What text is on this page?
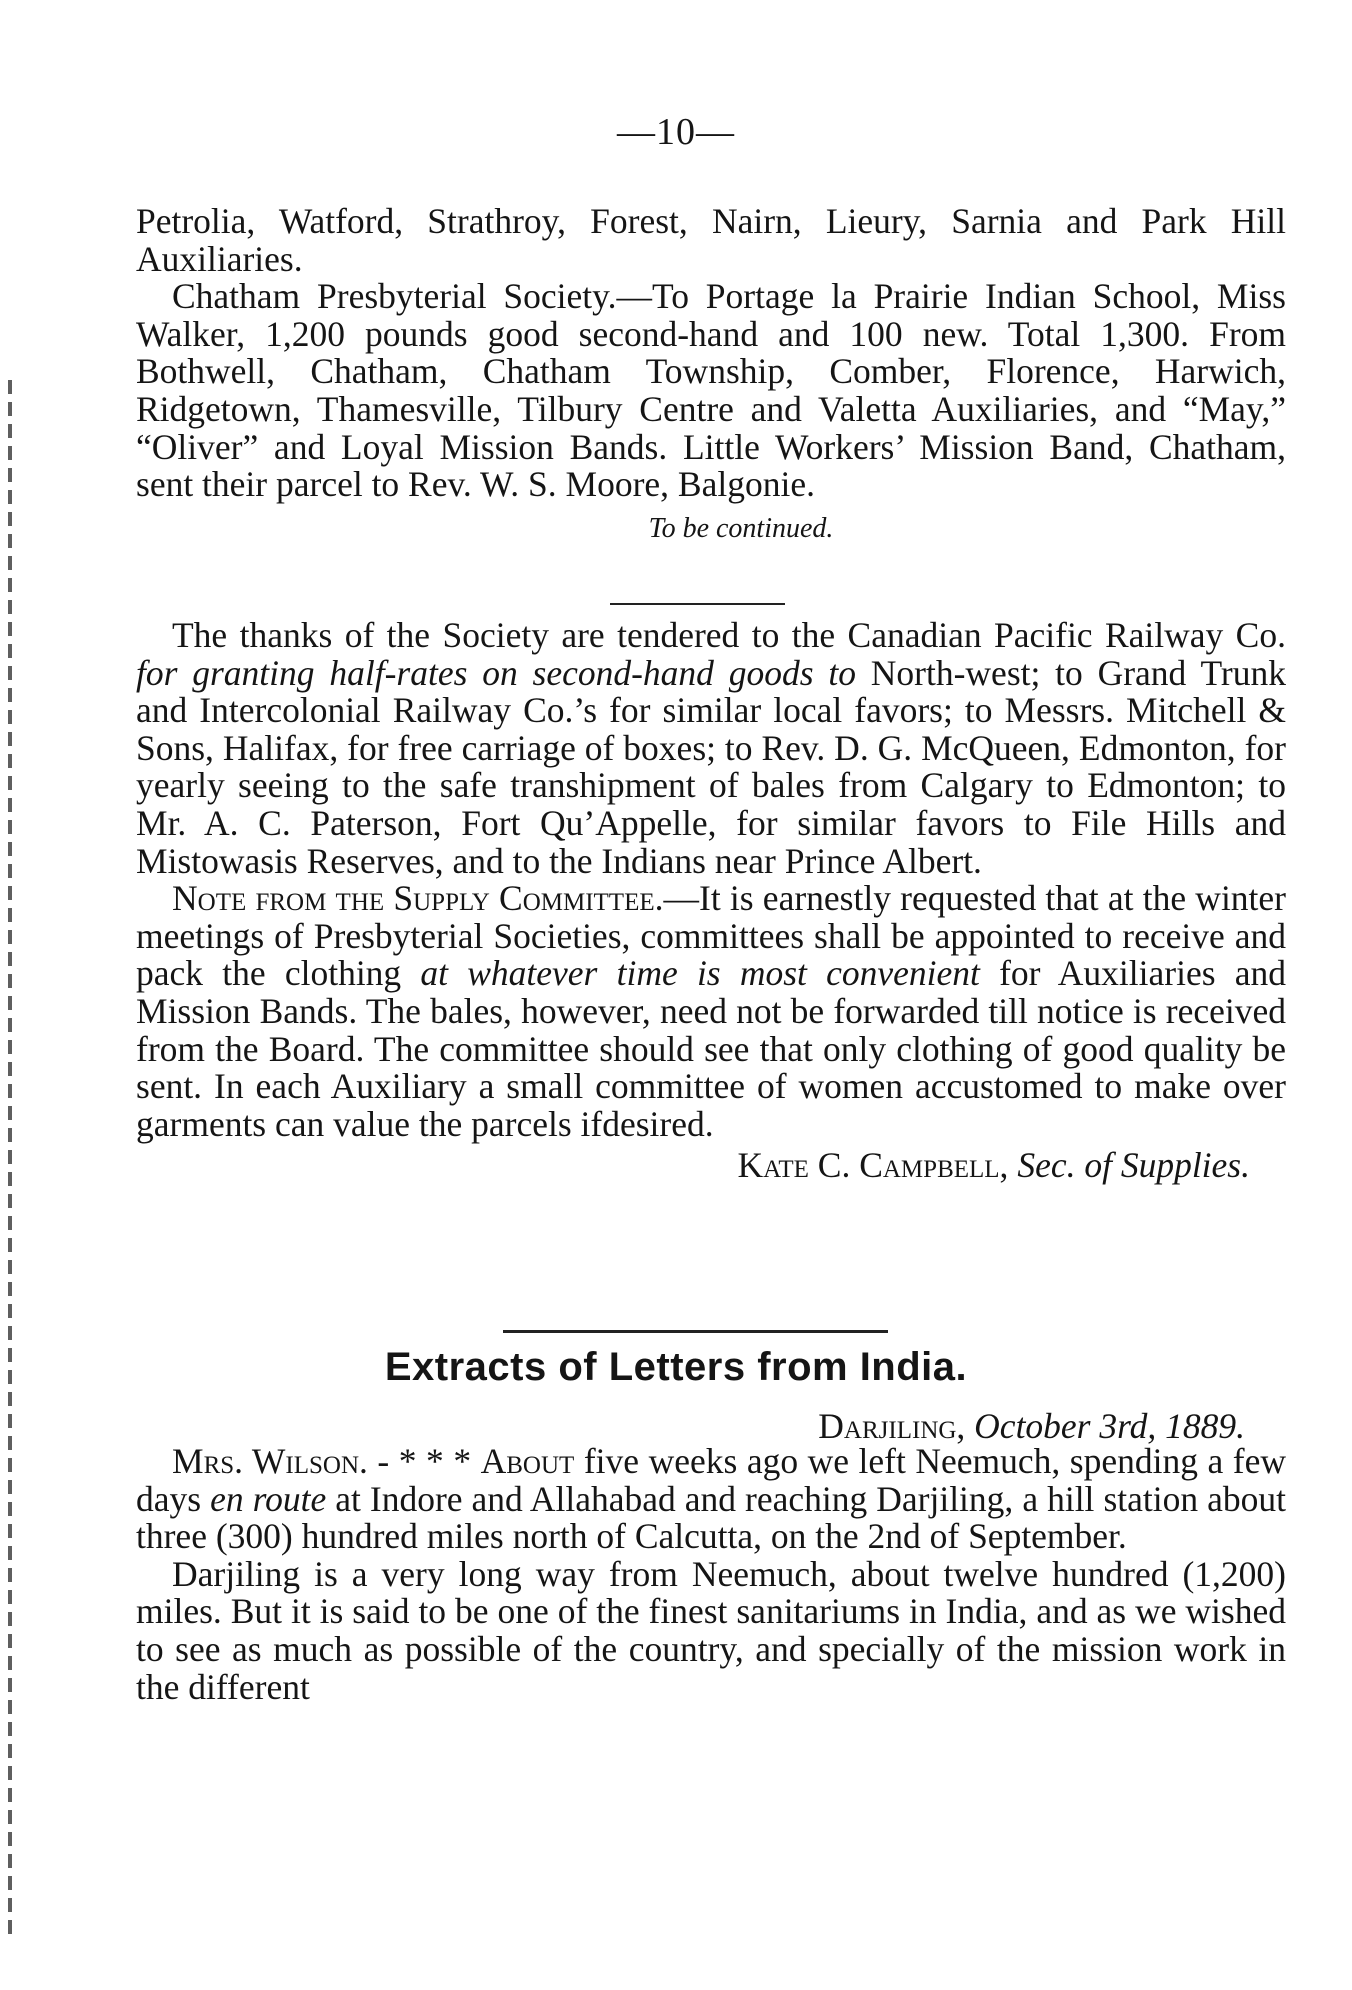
—10—

Petrolia, Watford, Strathroy, Forest, Nairn, Lieury, Sarnia and Park Hill Auxiliaries.

Chatham Presbyterial Society.—To Portage la Prairie Indian School, Miss Walker, 1,200 pounds good second-hand and 100 new. Total 1,300. From Bothwell, Chatham, Chatham Township, Comber, Florence, Harwich, Ridgetown, Thamesville, Tilbury Centre and Valetta Auxiliaries, and “May,” “Oliver” and Loyal Mission Bands. Little Workers’ Mission Band, Chatham, sent their parcel to Rev. W. S. Moore, Balgonie.

To be continued.

The thanks of the Society are tendered to the Canadian Pacific Railway Co. for granting half-rates on second-hand goods to North-west; to Grand Trunk and Intercolonial Railway Co.’s for similar local favors; to Messrs. Mitchell & Sons, Halifax, for free carriage of boxes; to Rev. D. G. McQueen, Edmonton, for yearly seeing to the safe transhipment of bales from Calgary to Edmonton; to Mr. A. C. Paterson, Fort Qu’Appelle, for similar favors to File Hills and Mistowasis Reserves, and to the Indians near Prince Albert.

Note from the Supply Committee.—It is earnestly requested that at the winter meetings of Presbyterial Societies, committees shall be appointed to receive and pack the clothing at whatever time is most convenient for Auxiliaries and Mission Bands. The bales, however, need not be forwarded till notice is received from the Board. The committee should see that only clothing of good quality be sent. In each Auxiliary a small committee of women accustomed to make over garments can value the parcels ifdesired.

Kate C. Campbell, Sec. of Supplies.

Extracts of Letters from India.
Darjiling, October 3rd, 1889.

Mrs. Wilson. - * * * About five weeks ago we left Neemuch, spending a few days en route at Indore and Allahabad and reaching Darjiling, a hill station about three (300) hundred miles north of Calcutta, on the 2nd of September.

Darjiling is a very long way from Neemuch, about twelve hundred (1,200) miles. But it is said to be one of the finest sanitariums in India, and as we wished to see as much as possible of the country, and specially of the mission work in the different
